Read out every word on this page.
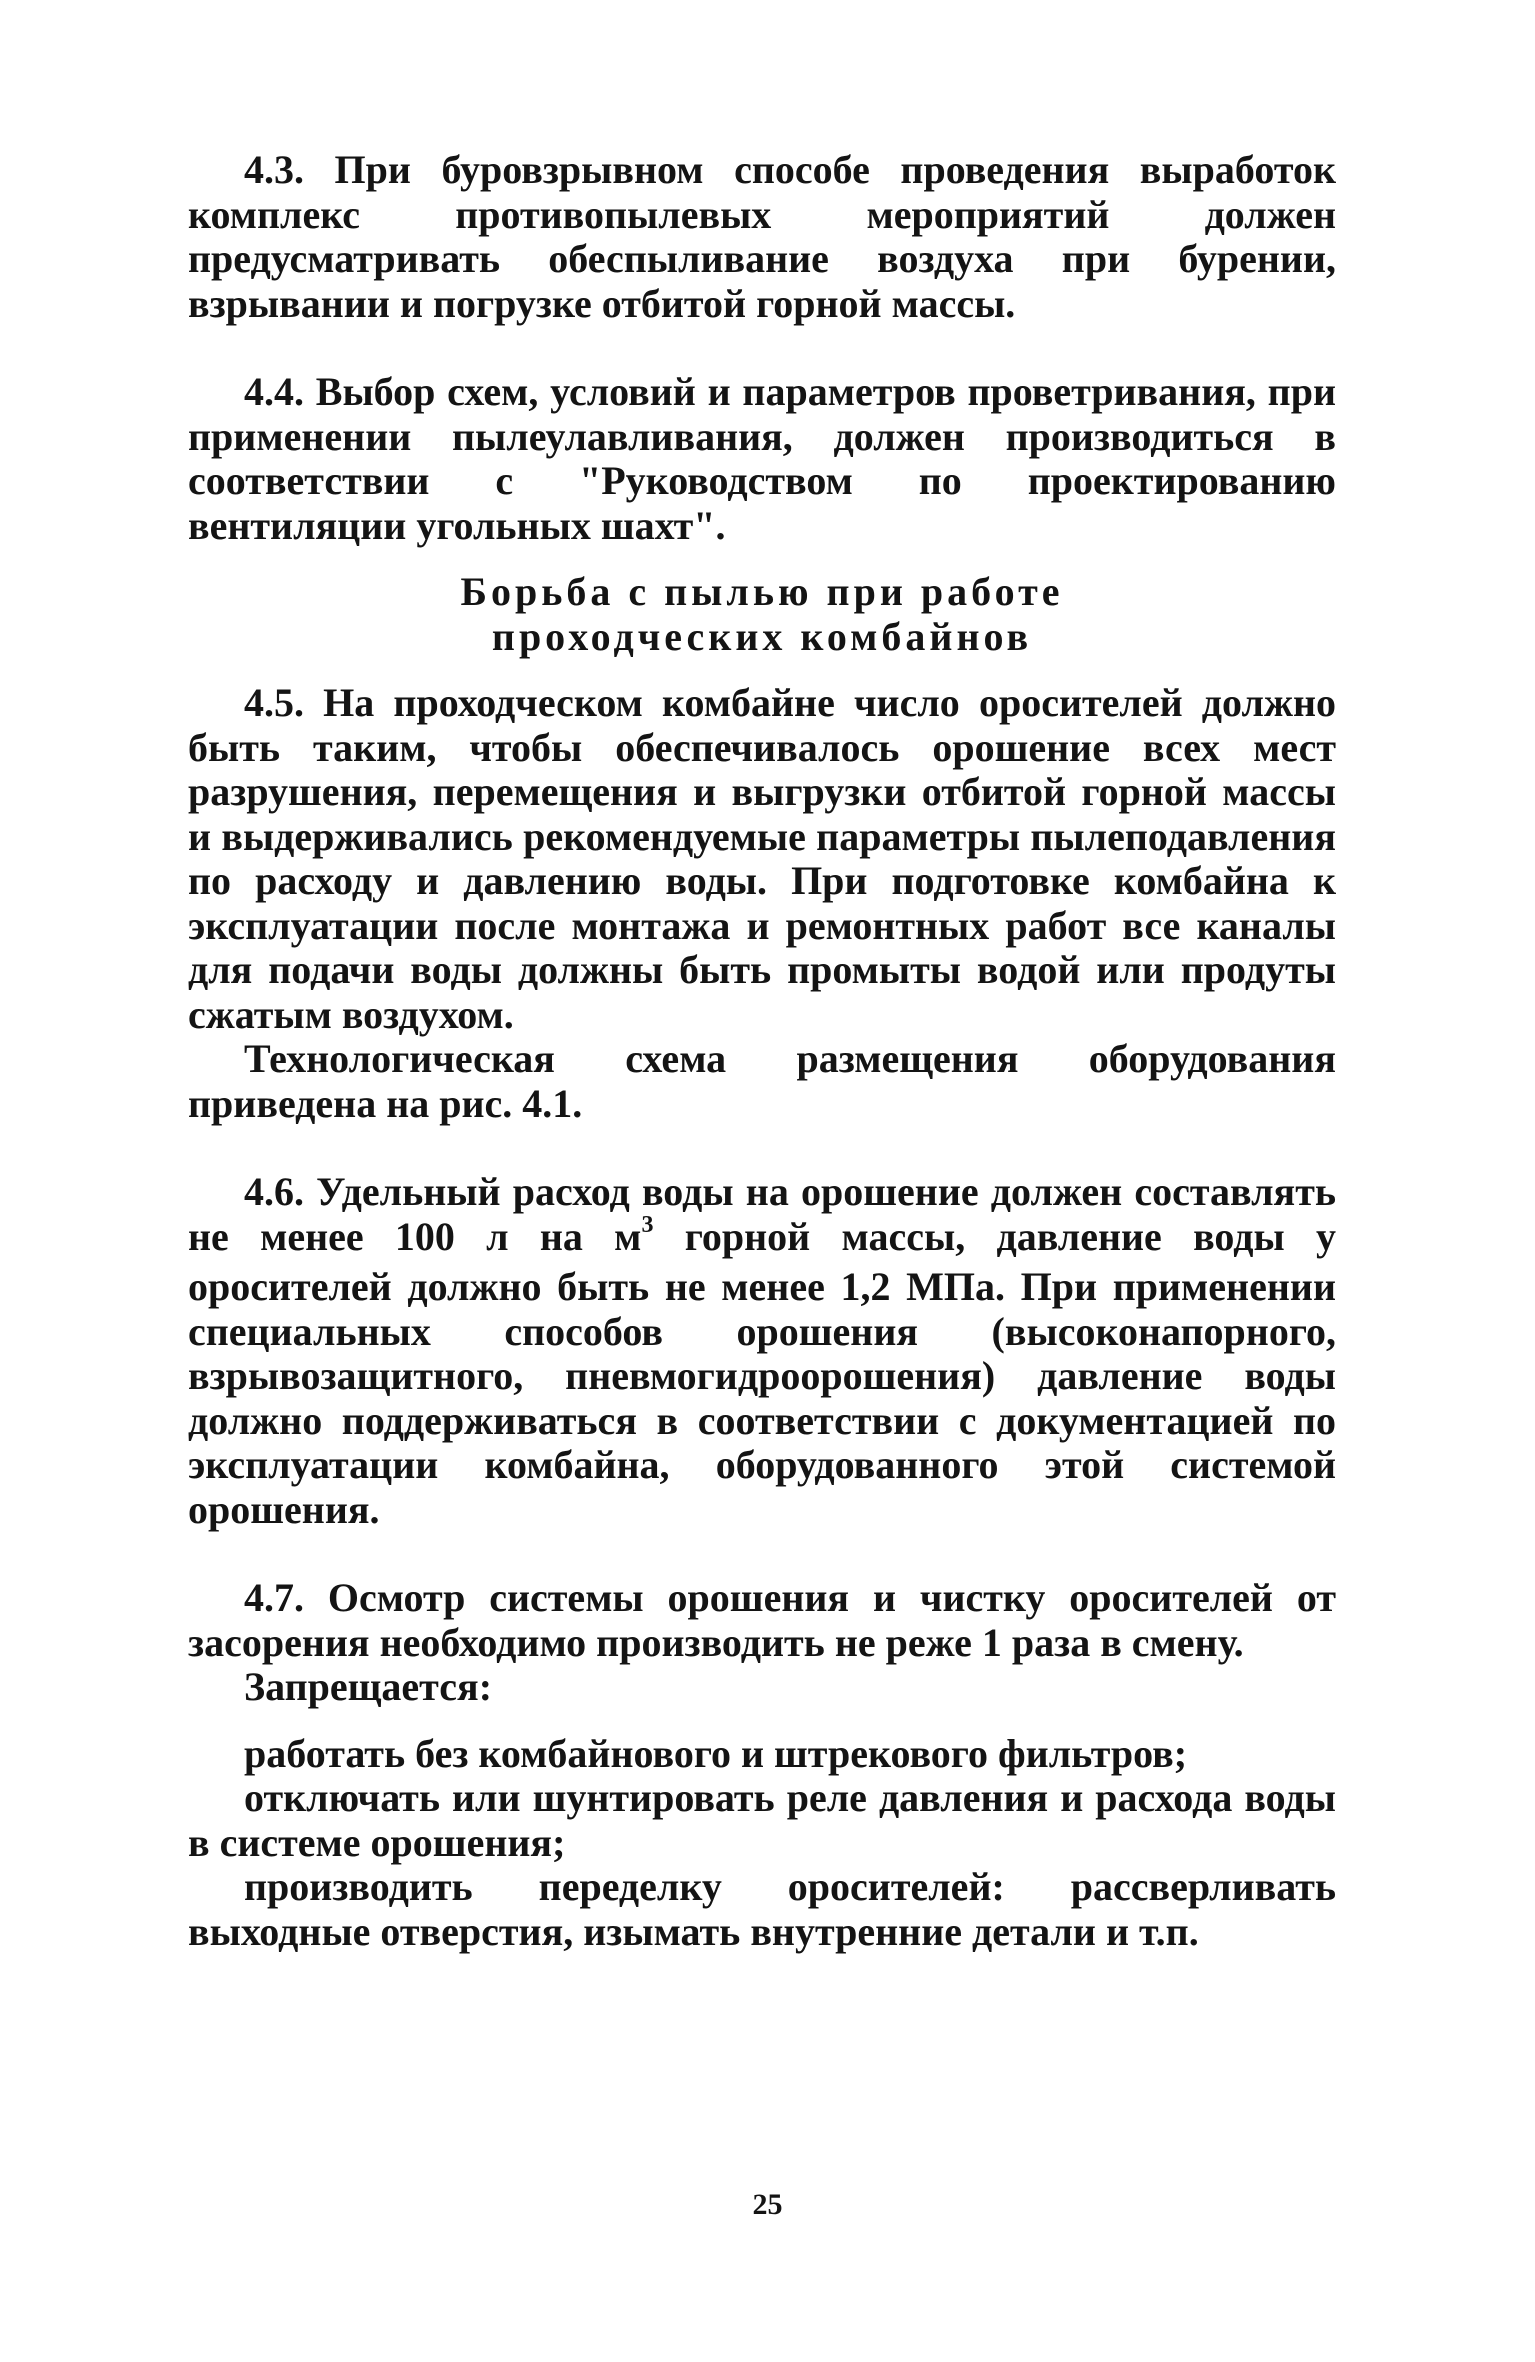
4.3. При буровзрывном способе проведения выработок комплекс противопылевых мероприятий должен предусматривать обеспыливание воздуха при бурении, взрывании и погрузке отбитой горной массы.

4.4. Выбор схем, условий и параметров проветривания, при применении пылеулавливания, должен производиться в соответствии с "Руководством по проектированию вентиляции угольных шахт".

Борьба с пылью при работе

проходческих комбайнов

4.5. На проходческом комбайне число оросителей должно быть таким, чтобы обеспечивалось орошение всех мест разрушения, перемещения и выгрузки отбитой горной массы и выдерживались рекомендуемые параметры пылеподавления по расходу и давлению воды. При подготовке комбайна к эксплуатации после монтажа и ремонтных работ все каналы для подачи воды должны быть промыты водой или продуты сжатым воздухом.

Технологическая схема размещения оборудования приведена на рис. 4.1.

4.6. Удельный расход воды на орошение должен составлять не менее 100 л на $м^3$ горной массы, давление воды у оросителей должно быть не менее 1,2 МПа. При применении специальных способов орошения (высоконапорного, взрывозащитного, пневмогидроорошения) давление воды должно поддерживаться в соответствии с документацией по эксплуатации комбайна, оборудованного этой системой орошения.

4.7. Осмотр системы орошения и чистку оросителей от засорения необходимо производить не реже 1 раза в смену.

Запрещается:

работать без комбайнового и штрекового фильтров;

отключать или шунтировать реле давления и расхода воды в системе орошения;

производить переделку оросителей: рассверливать выходные отверстия, изымать внутренние детали и т.п.

25
